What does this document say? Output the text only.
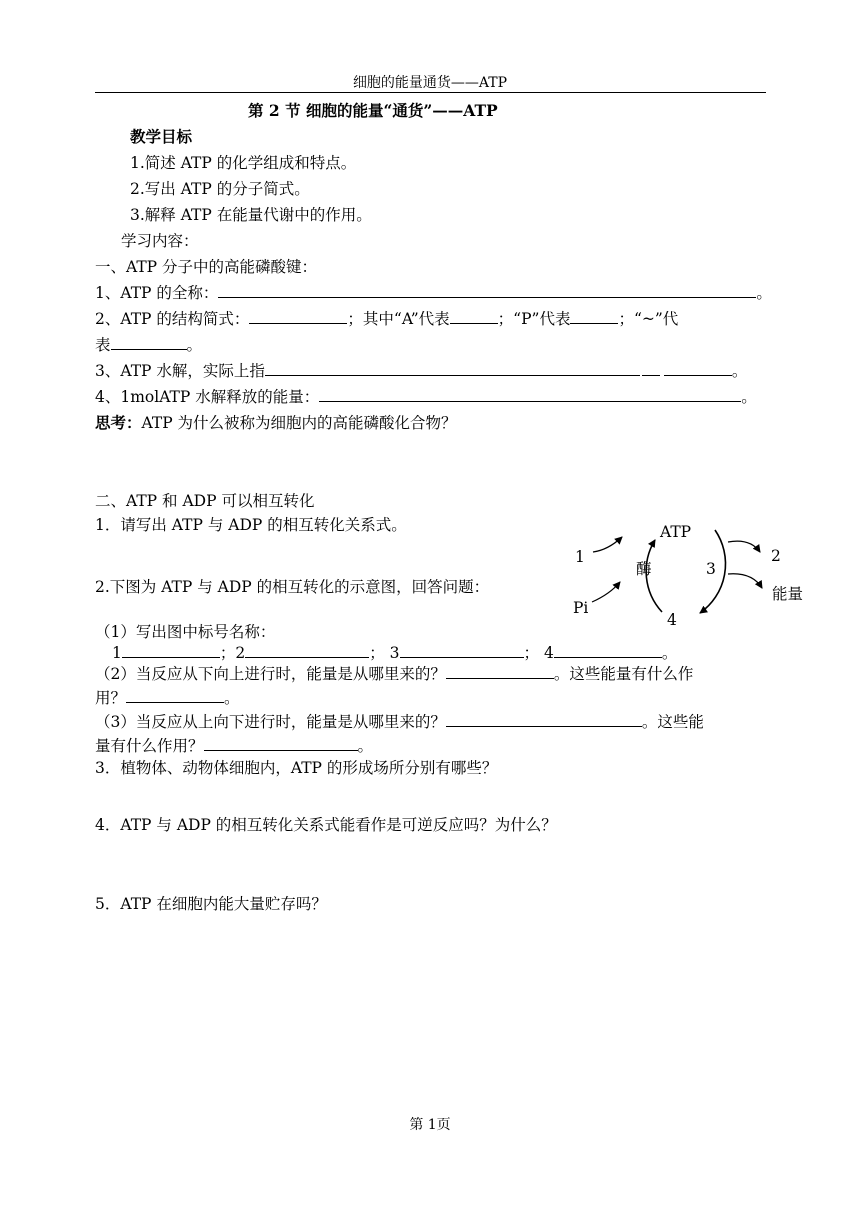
细胞的能量通货——ATP
第 2 节 细胞的能量“通货”——ATP
教学目标
1.简述 ATP 的化学组成和特点。
2.写出 ATP 的分子简式。
3.解释 ATP 在能量代谢中的作用。
学习内容：
一、ATP 分子中的高能磷酸键：
1、ATP 的全称：	。
2、ATP 的结构简式：	；其中“A”代表	；“P”代表	；“~”代
表	。
3、ATP 水解，实际上指	。
4、1molATP 水解释放的能量：	。
思考：ATP 为什么被称为细胞内的高能磷酸化合物？
二、ATP 和 ADP 可以相互转化
1．请写出 ATP 与 ADP 的相互转化关系式。
2.下图为 ATP 与 ADP 的相互转化的示意图，回答问题：
（1）写出图中标号名称：
1	；2	； 3	； 4	。
（2）当反应从下向上进行时，能量是从哪里来的？	。这些能量有什么作
用？	。
（3）当反应从上向下进行时，能量是从哪里来的？	。这些能
量有什么作用？	。
3．植物体、动物体细胞内，ATP 的形成场所分别有哪些？
4．ATP 与 ADP 的相互转化关系式能看作是可逆反应吗？为什么？
5．ATP 在细胞内能大量贮存吗？
ATP
酶	3
4
1
Pi
2
能量
第 1页
